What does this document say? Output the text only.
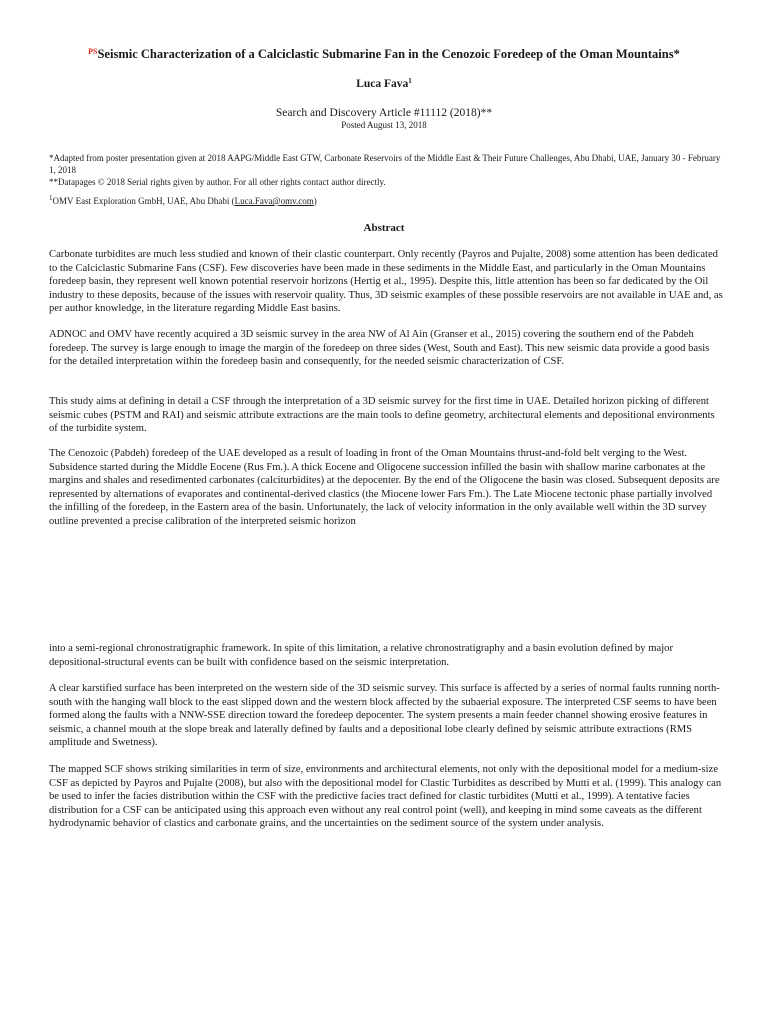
$^{PS}$Seismic Characterization of a Calciclastic Submarine Fan in the Cenozoic Foredeep of the Oman Mountains*
Luca Fava$^1$
Search and Discovery Article #11112 (2018)**
Posted August 13, 2018

*Adapted from poster presentation given at 2018 AAPG/Middle East GTW, Carbonate Reservoirs of the Middle East & Their Future Challenges, Abu Dhabi, UAE, January 30 - February 1, 2018

**Datapages © 2018 Serial rights given by author. For all other rights contact author directly.

$^1$OMV East Exploration GmbH, UAE, Abu Dhabi (Luca.Fava@omv.com)
Abstract

Carbonate turbidites are much less studied and known of their clastic counterpart. Only recently (Payros and Pujalte, 2008) some attention has been dedicated to the Calciclastic Submarine Fans (CSF). Few discoveries have been made in these sediments in the Middle East, and particularly in the Oman Mountains foredeep basin, they represent well known potential reservoir horizons (Hertig et al., 1995). Despite this, little attention has been so far dedicated by the Oil industry to these deposits, because of the issues with reservoir quality. Thus, 3D seismic examples of these possible reservoirs are not available in UAE and, as per author knowledge, in the literature regarding Middle East basins.

ADNOC and OMV have recently acquired a 3D seismic survey in the area NW of Al Ain (Granser et al., 2015) covering the southern end of the Pabdeh foredeep. The survey is large enough to image the margin of the foredeep on three sides (West, South and East). This new seismic data provide a good basis for the detailed interpretation within the foredeep basin and consequently, for the needed seismic characterization of CSF.

This study aims at defining in detail a CSF through the interpretation of a 3D seismic survey for the first time in UAE. Detailed horizon picking of different seismic cubes (PSTM and RAI) and seismic attribute extractions are the main tools to define geometry, architectural elements and depositional environments of the turbidite system.

The Cenozoic (Pabdeh) foredeep of the UAE developed as a result of loading in front of the Oman Mountains thrust-and-fold belt verging to the West. Subsidence started during the Middle Eocene (Rus Fm.). A thick Eocene and Oligocene succession infilled the basin with shallow marine carbonates at the margins and shales and resedimented carbonates (calciturbidites) at the depocenter. By the end of the Oligocene the basin was closed. Subsequent deposits are represented by alternations of evaporates and continental-derived clastics (the Miocene lower Fars Fm.). The Late Miocene tectonic phase partially involved the infilling of the foredeep, in the Eastern area of the basin. Unfortunately, the lack of velocity information in the only available well within the 3D survey outline prevented a precise calibration of the interpreted seismic horizon

into a semi-regional chronostratigraphic framework. In spite of this limitation, a relative chronostratigraphy and a basin evolution defined by major depositional-structural events can be built with confidence based on the seismic interpretation.

A clear karstified surface has been interpreted on the western side of the 3D seismic survey. This surface is affected by a series of normal faults running north-south with the hanging wall block to the east slipped down and the western block affected by the subaerial exposure. The interpreted CSF seems to have been formed along the faults with a NNW-SSE direction toward the foredeep depocenter. The system presents a main feeder channel showing erosive features in seismic, a channel mouth at the slope break and laterally defined by faults and a depositional lobe clearly defined by seismic attribute extractions (RMS amplitude and Swetness).

The mapped SCF shows striking similarities in term of size, environments and architectural elements, not only with the depositional model for a medium-size CSF as depicted by Payros and Pujalte (2008), but also with the depositional model for Clastic Turbidites as described by Mutti et al. (1999). This analogy can be used to infer the facies distribution within the CSF with the predictive facies tract defined for clastic turbidites (Mutti et al., 1999). A tentative facies distribution for a CSF can be anticipated using this approach even without any real control point (well), and keeping in mind some caveats as the different hydrodynamic behavior of clastics and carbonate grains, and the uncertainties on the sediment source of the system under analysis.
